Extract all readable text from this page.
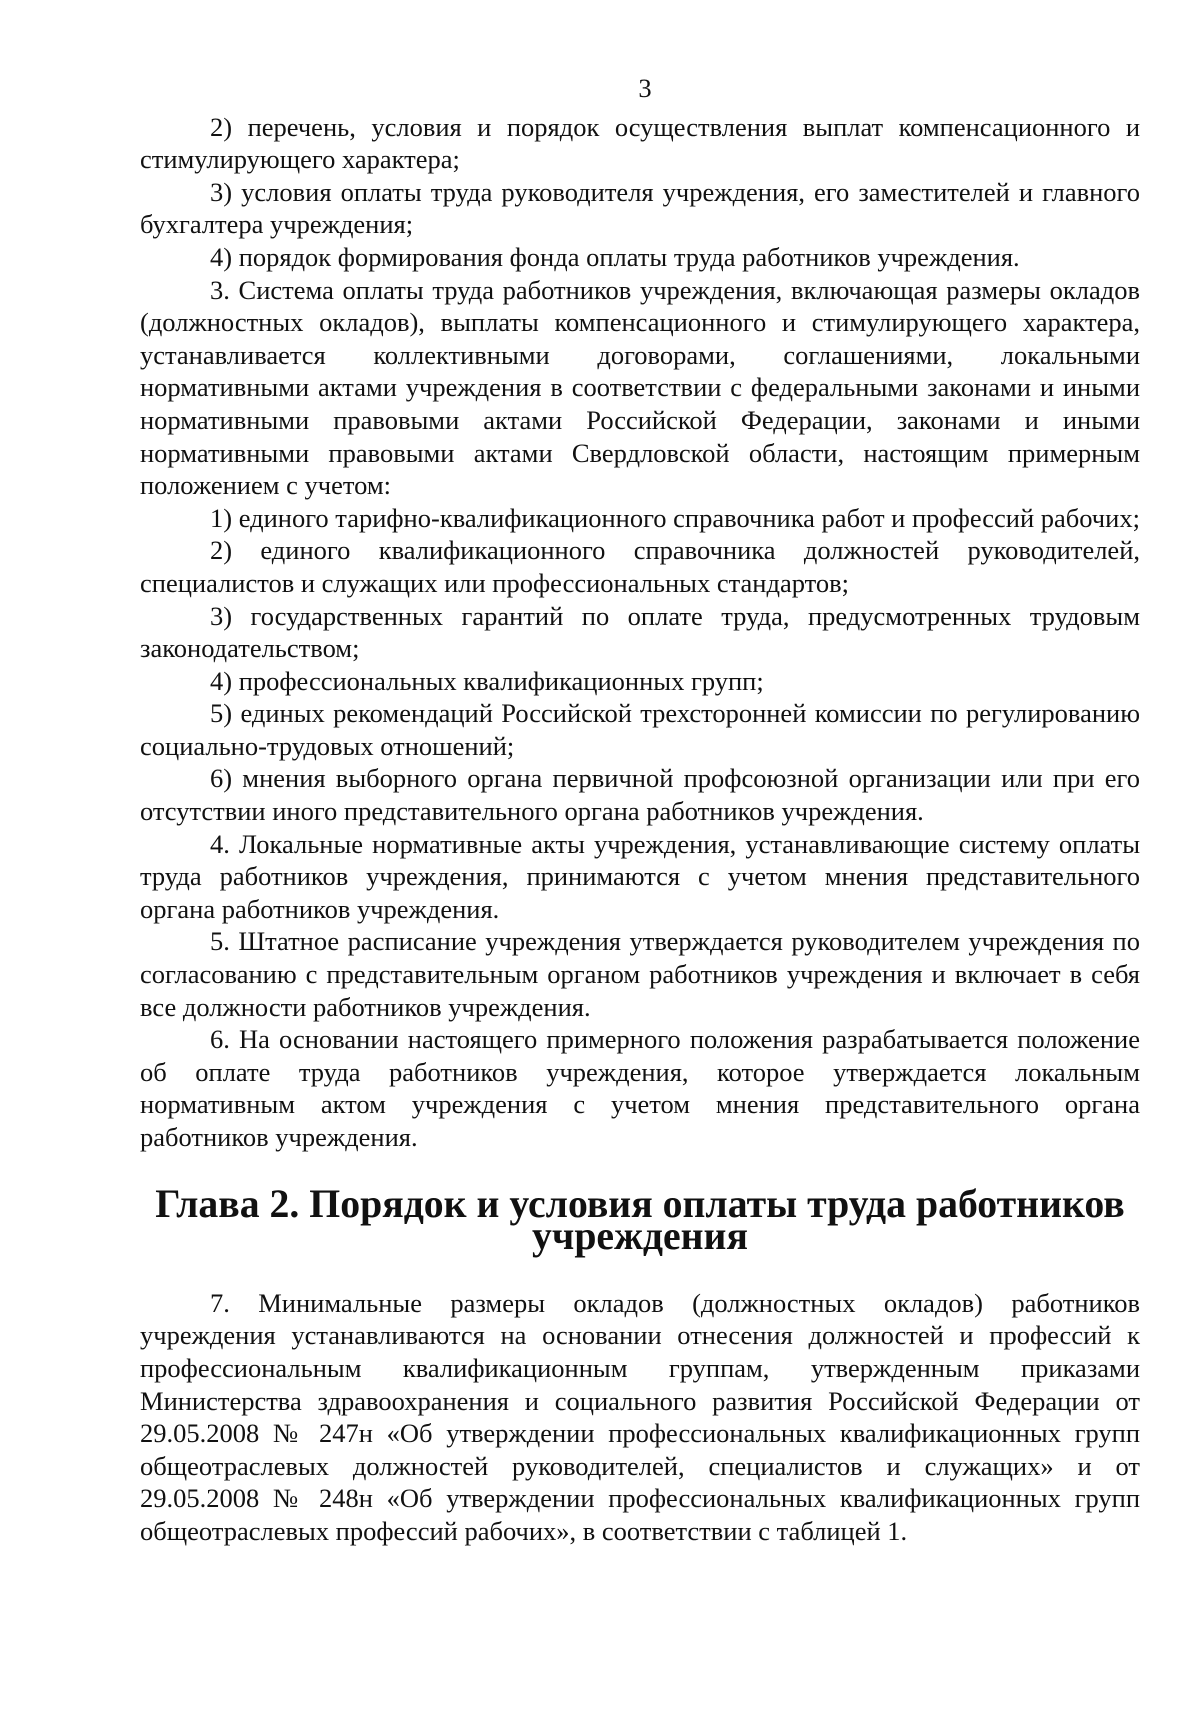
3

2) перечень, условия и порядок осуществления выплат компенсационного и стимулирующего характера;

3) условия оплаты труда руководителя учреждения, его заместителей и главного бухгалтера учреждения;

4) порядок формирования фонда оплаты труда работников учреждения.

3. Система оплаты труда работников учреждения, включающая размеры окладов (должностных окладов), выплаты компенсационного и стимулирующего характера, устанавливается коллективными договорами, соглашениями, локальными нормативными актами учреждения в соответствии с федеральными законами и иными нормативными правовыми актами Российской Федерации, законами и иными нормативными правовыми актами Свердловской области, настоящим примерным положением с учетом:

1) единого тарифно-квалификационного справочника работ и профессий рабочих;

2) единого квалификационного справочника должностей руководителей, специалистов и служащих или профессиональных стандартов;

3) государственных гарантий по оплате труда, предусмотренных трудовым законодательством;

4) профессиональных квалификационных групп;

5) единых рекомендаций Российской трехсторонней комиссии по регулированию социально-трудовых отношений;

6) мнения выборного органа первичной профсоюзной организации или при его отсутствии иного представительного органа работников учреждения.

4. Локальные нормативные акты учреждения, устанавливающие систему оплаты труда работников учреждения, принимаются с учетом мнения представительного органа работников учреждения.

5. Штатное расписание учреждения утверждается руководителем учреждения по согласованию с представительным органом работников учреждения и включает в себя все должности работников учреждения.

6. На основании настоящего примерного положения разрабатывается положение об оплате труда работников учреждения, которое утверждается локальным нормативным актом учреждения с учетом мнения представительного органа работников учреждения.

Глава 2. Порядок и условия оплаты труда работников учреждения

7. Минимальные размеры окладов (должностных окладов) работников учреждения устанавливаются на основании отнесения должностей и профессий к профессиональным квалификационным группам, утвержденным приказами Министерства здравоохранения и социального развития Российской Федерации от 29.05.2008 № 247н «Об утверждении профессиональных квалификационных групп общеотраслевых должностей руководителей, специалистов и служащих» и от 29.05.2008 № 248н «Об утверждении профессиональных квалификационных групп общеотраслевых профессий рабочих», в соответствии с таблицей 1.
